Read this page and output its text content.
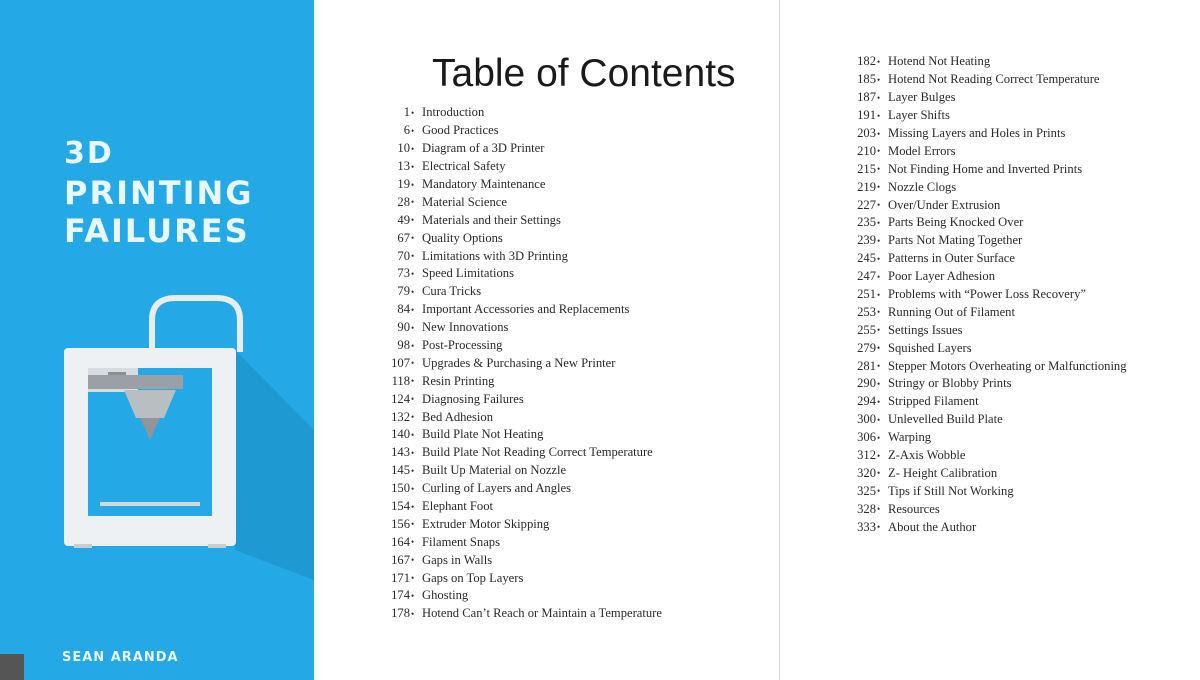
3D
PRINTING
FAILURES
SEAN ARANDA
Table of Contents
1 • Introduction
6 • Good Practices
10 • Diagram of a 3D Printer
13 • Electrical Safety
19 • Mandatory Maintenance
28 • Material Science
49 • Materials and their Settings
67 • Quality Options
70 • Limitations with 3D Printing
73 • Speed Limitations
79 • Cura Tricks
84 • Important Accessories and Replacements
90 • New Innovations
98 • Post-Processing
107 • Upgrades & Purchasing a New Printer
118 • Resin Printing
124 • Diagnosing Failures
132 • Bed Adhesion
140 • Build Plate Not Heating
143 • Build Plate Not Reading Correct Temperature
145 • Built Up Material on Nozzle
150 • Curling of Layers and Angles
154 • Elephant Foot
156 • Extruder Motor Skipping
164 • Filament Snaps
167 • Gaps in Walls
171 • Gaps on Top Layers
174 • Ghosting
178 • Hotend Can’t Reach or Maintain a Temperature
182 • Hotend Not Heating
185 • Hotend Not Reading Correct Temperature
187 • Layer Bulges
191 • Layer Shifts
203 • Missing Layers and Holes in Prints
210 • Model Errors
215 • Not Finding Home and Inverted Prints
219 • Nozzle Clogs
227 • Over/Under Extrusion
235 • Parts Being Knocked Over
239 • Parts Not Mating Together
245 • Patterns in Outer Surface
247 • Poor Layer Adhesion
251 • Problems with “Power Loss Recovery”
253 • Running Out of Filament
255 • Settings Issues
279 • Squished Layers
281 • Stepper Motors Overheating or Malfunctioning
290 • Stringy or Blobby Prints
294 • Stripped Filament
300 • Unlevelled Build Plate
306 • Warping
312 • Z-Axis Wobble
320 • Z- Height Calibration
325 • Tips if Still Not Working
328 • Resources
333 • About the Author
